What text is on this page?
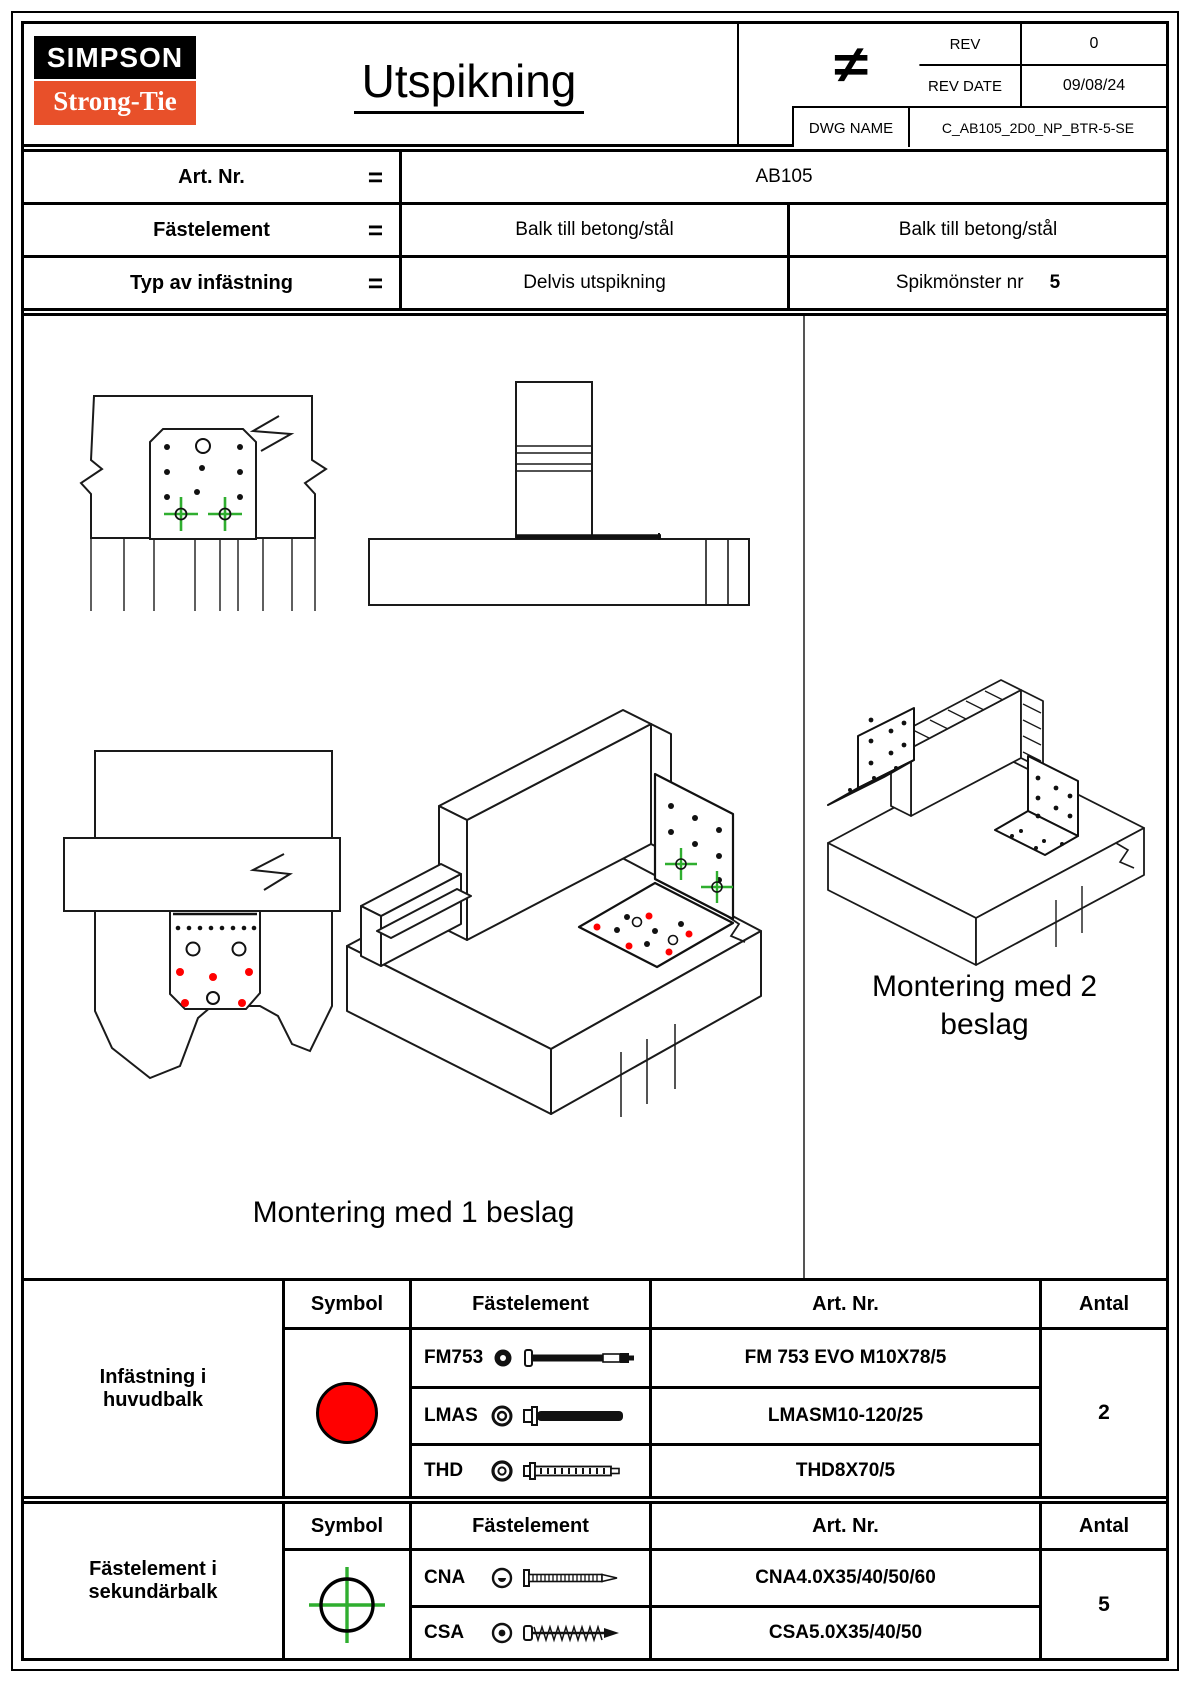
SIMPSON
Strong-Tie	Utspikning	≠	REV	0
REV DATE	09/08/24
DWG NAME	C_AB105_2D0_NP_BTR-5-SE
Art. Nr.	=	AB105
Fästelement	=	Balk till betong/stål	Balk till betong/stål
Typ av infästning	=	Delvis utspikning	Spikmönster nr 5
Montering med 1 beslag
Montering med 2 beslag
Infästning i huvudbalk
Symbol	Fästelement	Art. Nr.	Antal
FM753	FM 753 EVO M10X78/5
2
LMAS	LMASM10-120/25
THD	THD8X70/5
Fästelement i sekundärbalk
Symbol	Fästelement	Art. Nr.	Antal
CNA	CNA4.0X35/40/50/60
5
CSA	CSA5.0X35/40/50
